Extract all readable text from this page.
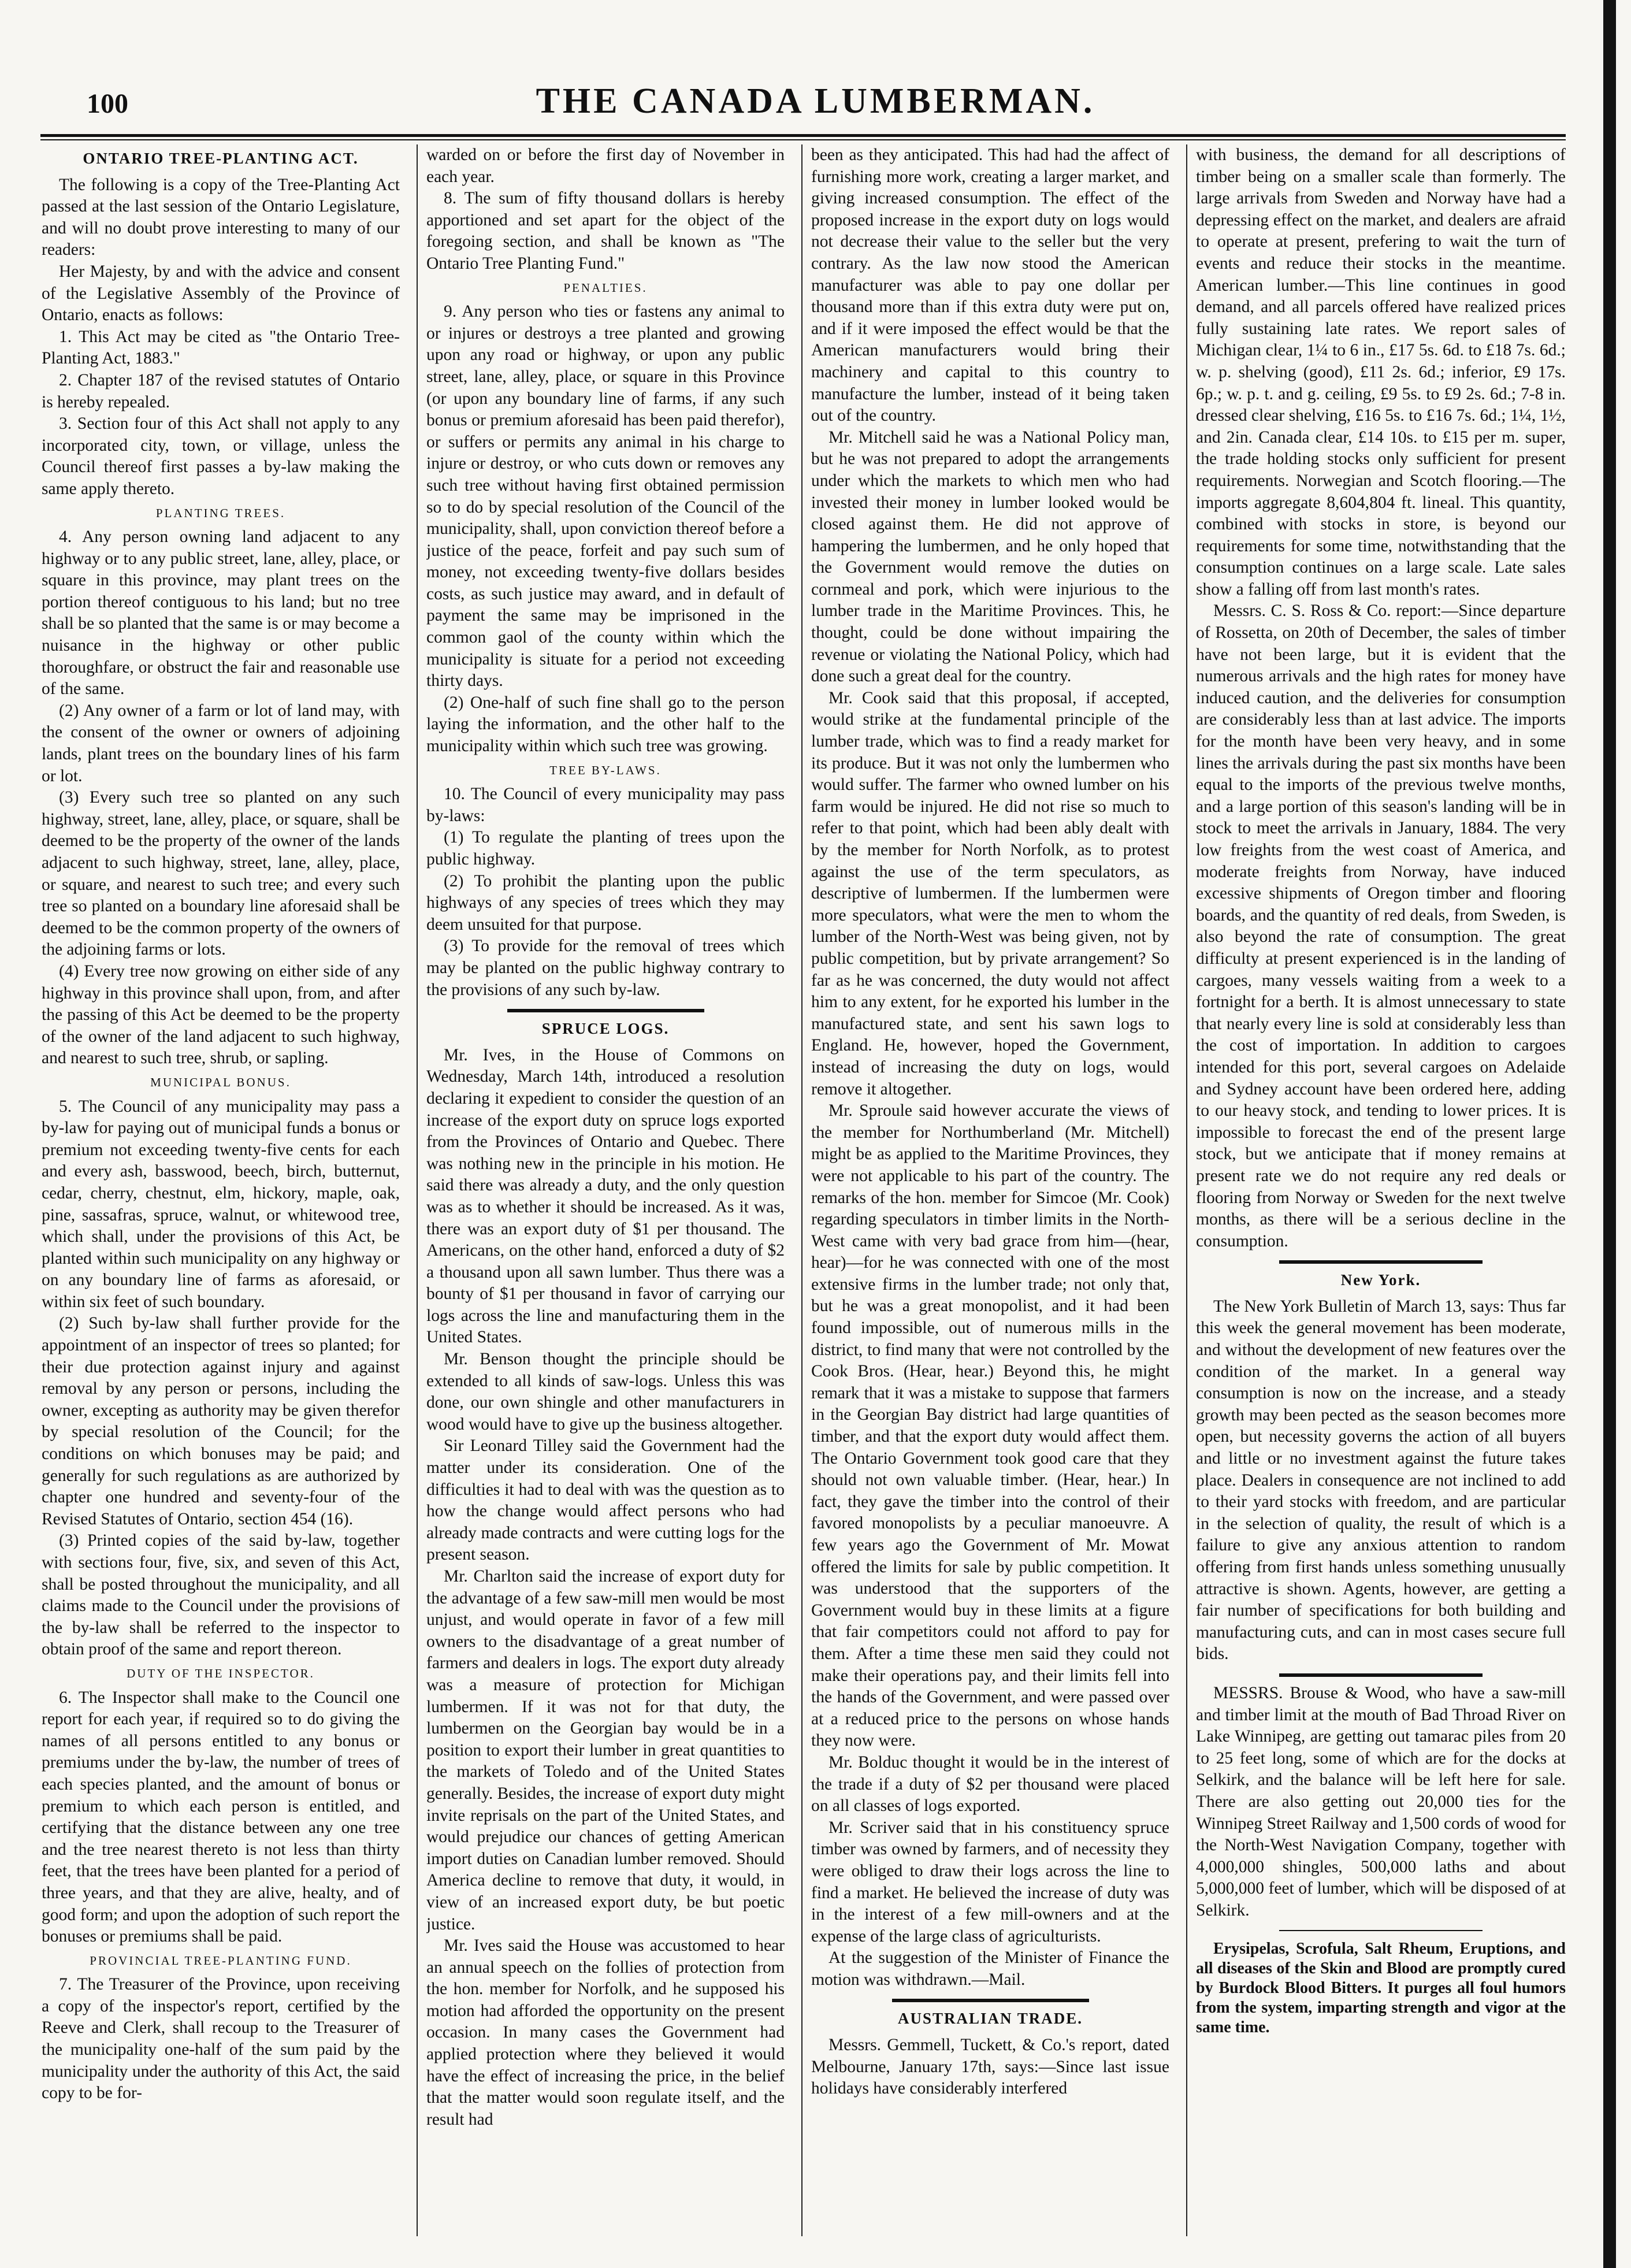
100	THE CANADA LUMBERMAN.
ONTARIO TREE-PLANTING ACT.

The following is a copy of the Tree-Planting Act passed at the last session of the Ontario Legislature, and will no doubt prove interesting to many of our readers:

Her Majesty, by and with the advice and consent of the Legislative Assembly of the Province of Ontario, enacts as follows:

1. This Act may be cited as "the Ontario Tree-Planting Act, 1883."

2. Chapter 187 of the revised statutes of Ontario is hereby repealed.

3. Section four of this Act shall not apply to any incorporated city, town, or village, unless the Council thereof first passes a by-law making the same apply thereto.

PLANTING TREES.

4. Any person owning land adjacent to any highway or to any public street, lane, alley, place, or square in this province, may plant trees on the portion thereof contiguous to his land; but no tree shall be so planted that the same is or may become a nuisance in the highway or other public thoroughfare, or obstruct the fair and reasonable use of the same.

(2) Any owner of a farm or lot of land may, with the consent of the owner or owners of adjoining lands, plant trees on the boundary lines of his farm or lot.

(3) Every such tree so planted on any such highway, street, lane, alley, place, or square, shall be deemed to be the property of the owner of the lands adjacent to such highway, street, lane, alley, place, or square, and nearest to such tree; and every such tree so planted on a boundary line aforesaid shall be deemed to be the common property of the owners of the adjoining farms or lots.

(4) Every tree now growing on either side of any highway in this province shall upon, from, and after the passing of this Act be deemed to be the property of the owner of the land adjacent to such highway, and nearest to such tree, shrub, or sapling.

MUNICIPAL BONUS.

5. The Council of any municipality may pass a by-law for paying out of municipal funds a bonus or premium not exceeding twenty-five cents for each and every ash, basswood, beech, birch, butternut, cedar, cherry, chestnut, elm, hickory, maple, oak, pine, sassafras, spruce, walnut, or whitewood tree, which shall, under the provisions of this Act, be planted within such municipality on any highway or on any boundary line of farms as aforesaid, or within six feet of such boundary.

(2) Such by-law shall further provide for the appointment of an inspector of trees so planted; for their due protection against injury and against removal by any person or persons, including the owner, excepting as authority may be given therefor by special resolution of the Council; for the conditions on which bonuses may be paid; and generally for such regulations as are authorized by chapter one hundred and seventy-four of the Revised Statutes of Ontario, section 454 (16).

(3) Printed copies of the said by-law, together with sections four, five, six, and seven of this Act, shall be posted throughout the municipality, and all claims made to the Council under the provisions of the by-law shall be referred to the inspector to obtain proof of the same and report thereon.

DUTY OF THE INSPECTOR.

6. The Inspector shall make to the Council one report for each year, if required so to do giving the names of all persons entitled to any bonus or premiums under the by-law, the number of trees of each species planted, and the amount of bonus or premium to which each person is entitled, and certifying that the distance between any one tree and the tree nearest thereto is not less than thirty feet, that the trees have been planted for a period of three years, and that they are alive, healty, and of good form; and upon the adoption of such report the bonuses or premiums shall be paid.

PROVINCIAL TREE-PLANTING FUND.

7. The Treasurer of the Province, upon receiving a copy of the inspector's report, certified by the Reeve and Clerk, shall recoup to the Treasurer of the municipality one-half of the sum paid by the municipality under the authority of this Act, the said copy to be for-

warded on or before the first day of November in each year.

8. The sum of fifty thousand dollars is hereby apportioned and set apart for the object of the foregoing section, and shall be known as "The Ontario Tree Planting Fund."

PENALTIES.

9. Any person who ties or fastens any animal to or injures or destroys a tree planted and growing upon any road or highway, or upon any public street, lane, alley, place, or square in this Province (or upon any boundary line of farms, if any such bonus or premium aforesaid has been paid therefor), or suffers or permits any animal in his charge to injure or destroy, or who cuts down or removes any such tree without having first obtained permission so to do by special resolution of the Council of the municipality, shall, upon conviction thereof before a justice of the peace, forfeit and pay such sum of money, not exceeding twenty-five dollars besides costs, as such justice may award, and in default of payment the same may be imprisoned in the common gaol of the county within which the municipality is situate for a period not exceeding thirty days.

(2) One-half of such fine shall go to the person laying the information, and the other half to the municipality within which such tree was growing.

TREE BY-LAWS.

10. The Council of every municipality may pass by-laws:

(1) To regulate the planting of trees upon the public highway.

(2) To prohibit the planting upon the public highways of any species of trees which they may deem unsuited for that purpose.

(3) To provide for the removal of trees which may be planted on the public highway contrary to the provisions of any such by-law.

SPRUCE LOGS.

Mr. Ives, in the House of Commons on Wednesday, March 14th, introduced a resolution declaring it expedient to consider the question of an increase of the export duty on spruce logs exported from the Provinces of Ontario and Quebec. There was nothing new in the principle in his motion. He said there was already a duty, and the only question was as to whether it should be increased. As it was, there was an export duty of $1 per thousand. The Americans, on the other hand, enforced a duty of $2 a thousand upon all sawn lumber. Thus there was a bounty of $1 per thousand in favor of carrying our logs across the line and manufacturing them in the United States.

Mr. Benson thought the principle should be extended to all kinds of saw-logs. Unless this was done, our own shingle and other manufacturers in wood would have to give up the business altogether.

Sir Leonard Tilley said the Government had the matter under its consideration. One of the difficulties it had to deal with was the question as to how the change would affect persons who had already made contracts and were cutting logs for the present season.

Mr. Charlton said the increase of export duty for the advantage of a few saw-mill men would be most unjust, and would operate in favor of a few mill owners to the disadvantage of a great number of farmers and dealers in logs. The export duty already was a measure of protection for Michigan lumbermen. If it was not for that duty, the lumbermen on the Georgian bay would be in a position to export their lumber in great quantities to the markets of Toledo and of the United States generally. Besides, the increase of export duty might invite reprisals on the part of the United States, and would prejudice our chances of getting American import duties on Canadian lumber removed. Should America decline to remove that duty, it would, in view of an increased export duty, be but poetic justice.

Mr. Ives said the House was accustomed to hear an annual speech on the follies of protection from the hon. member for Norfolk, and he supposed his motion had afforded the opportunity on the present occasion. In many cases the Government had applied protection where they believed it would have the effect of increasing the price, in the belief that the matter would soon regulate itself, and the result had

been as they anticipated. This had had the affect of furnishing more work, creating a larger market, and giving increased consumption. The effect of the proposed increase in the export duty on logs would not decrease their value to the seller but the very contrary. As the law now stood the American manufacturer was able to pay one dollar per thousand more than if this extra duty were put on, and if it were imposed the effect would be that the American manufacturers would bring their machinery and capital to this country to manufacture the lumber, instead of it being taken out of the country.

Mr. Mitchell said he was a National Policy man, but he was not prepared to adopt the arrangements under which the markets to which men who had invested their money in lumber looked would be closed against them. He did not approve of hampering the lumbermen, and he only hoped that the Government would remove the duties on cornmeal and pork, which were injurious to the lumber trade in the Maritime Provinces. This, he thought, could be done without impairing the revenue or violating the National Policy, which had done such a great deal for the country.

Mr. Cook said that this proposal, if accepted, would strike at the fundamental principle of the lumber trade, which was to find a ready market for its produce. But it was not only the lumbermen who would suffer. The farmer who owned lumber on his farm would be injured. He did not rise so much to refer to that point, which had been ably dealt with by the member for North Norfolk, as to protest against the use of the term speculators, as descriptive of lumbermen. If the lumbermen were more speculators, what were the men to whom the lumber of the North-West was being given, not by public competition, but by private arrangement? So far as he was concerned, the duty would not affect him to any extent, for he exported his lumber in the manufactured state, and sent his sawn logs to England. He, however, hoped the Government, instead of increasing the duty on logs, would remove it altogether.

Mr. Sproule said however accurate the views of the member for Northumberland (Mr. Mitchell) might be as applied to the Maritime Provinces, they were not applicable to his part of the country. The remarks of the hon. member for Simcoe (Mr. Cook) regarding speculators in timber limits in the North-West came with very bad grace from him—(hear, hear)—for he was connected with one of the most extensive firms in the lumber trade; not only that, but he was a great monopolist, and it had been found impossible, out of numerous mills in the district, to find many that were not controlled by the Cook Bros. (Hear, hear.) Beyond this, he might remark that it was a mistake to suppose that farmers in the Georgian Bay district had large quantities of timber, and that the export duty would affect them. The Ontario Government took good care that they should not own valuable timber. (Hear, hear.) In fact, they gave the timber into the control of their favored monopolists by a peculiar manoeuvre. A few years ago the Government of Mr. Mowat offered the limits for sale by public competition. It was understood that the supporters of the Government would buy in these limits at a figure that fair competitors could not afford to pay for them. After a time these men said they could not make their operations pay, and their limits fell into the hands of the Government, and were passed over at a reduced price to the persons on whose hands they now were.

Mr. Bolduc thought it would be in the interest of the trade if a duty of $2 per thousand were placed on all classes of logs exported.

Mr. Scriver said that in his constituency spruce timber was owned by farmers, and of necessity they were obliged to draw their logs across the line to find a market. He believed the increase of duty was in the interest of a few mill-owners and at the expense of the large class of agriculturists.

At the suggestion of the Minister of Finance the motion was withdrawn.—Mail.

AUSTRALIAN TRADE.

Messrs. Gemmell, Tuckett, & Co.'s report, dated Melbourne, January 17th, says:—Since last issue holidays have considerably interfered

with business, the demand for all descriptions of timber being on a smaller scale than formerly. The large arrivals from Sweden and Norway have had a depressing effect on the market, and dealers are afraid to operate at present, prefering to wait the turn of events and reduce their stocks in the meantime. American lumber.—This line continues in good demand, and all parcels offered have realized prices fully sustaining late rates. We report sales of Michigan clear, 1¼ to 6 in., £17 5s. 6d. to £18 7s. 6d.; w. p. shelving (good), £11 2s. 6d.; inferior, £9 17s. 6p.; w. p. t. and g. ceiling, £9 5s. to £9 2s. 6d.; 7-8 in. dressed clear shelving, £16 5s. to £16 7s. 6d.; 1¼, 1½, and 2in. Canada clear, £14 10s. to £15 per m. super, the trade holding stocks only sufficient for present requirements. Norwegian and Scotch flooring.—The imports aggregate 8,604,804 ft. lineal. This quantity, combined with stocks in store, is beyond our requirements for some time, notwithstanding that the consumption continues on a large scale. Late sales show a falling off from last month's rates.

Messrs. C. S. Ross & Co. report:—Since departure of Rossetta, on 20th of December, the sales of timber have not been large, but it is evident that the numerous arrivals and the high rates for money have induced caution, and the deliveries for consumption are considerably less than at last advice. The imports for the month have been very heavy, and in some lines the arrivals during the past six months have been equal to the imports of the previous twelve months, and a large portion of this season's landing will be in stock to meet the arrivals in January, 1884. The very low freights from the west coast of America, and moderate freights from Norway, have induced excessive shipments of Oregon timber and flooring boards, and the quantity of red deals, from Sweden, is also beyond the rate of consumption. The great difficulty at present experienced is in the landing of cargoes, many vessels waiting from a week to a fortnight for a berth. It is almost unnecessary to state that nearly every line is sold at considerably less than the cost of importation. In addition to cargoes intended for this port, several cargoes on Adelaide and Sydney account have been ordered here, adding to our heavy stock, and tending to lower prices. It is impossible to forecast the end of the present large stock, but we anticipate that if money remains at present rate we do not require any red deals or flooring from Norway or Sweden for the next twelve months, as there will be a serious decline in the consumption.

New York.

The New York Bulletin of March 13, says: Thus far this week the general movement has been moderate, and without the development of new features over the condition of the market. In a general way consumption is now on the increase, and a steady growth may been pected as the season becomes more open, but necessity governs the action of all buyers and little or no investment against the future takes place. Dealers in consequence are not inclined to add to their yard stocks with freedom, and are particular in the selection of quality, the result of which is a failure to give any anxious attention to random offering from first hands unless something unusually attractive is shown. Agents, however, are getting a fair number of specifications for both building and manufacturing cuts, and can in most cases secure full bids.

MESSRS. Brouse & Wood, who have a saw-mill and timber limit at the mouth of Bad Throad River on Lake Winnipeg, are getting out tamarac piles from 20 to 25 feet long, some of which are for the docks at Selkirk, and the balance will be left here for sale. There are also getting out 20,000 ties for the Winnipeg Street Railway and 1,500 cords of wood for the North-West Navigation Company, together with 4,000,000 shingles, 500,000 laths and about 5,000,000 feet of lumber, which will be disposed of at Selkirk.

Erysipelas, Scrofula, Salt Rheum, Eruptions, and all diseases of the Skin and Blood are promptly cured by Burdock Blood Bitters. It purges all foul humors from the system, imparting strength and vigor at the same time.
